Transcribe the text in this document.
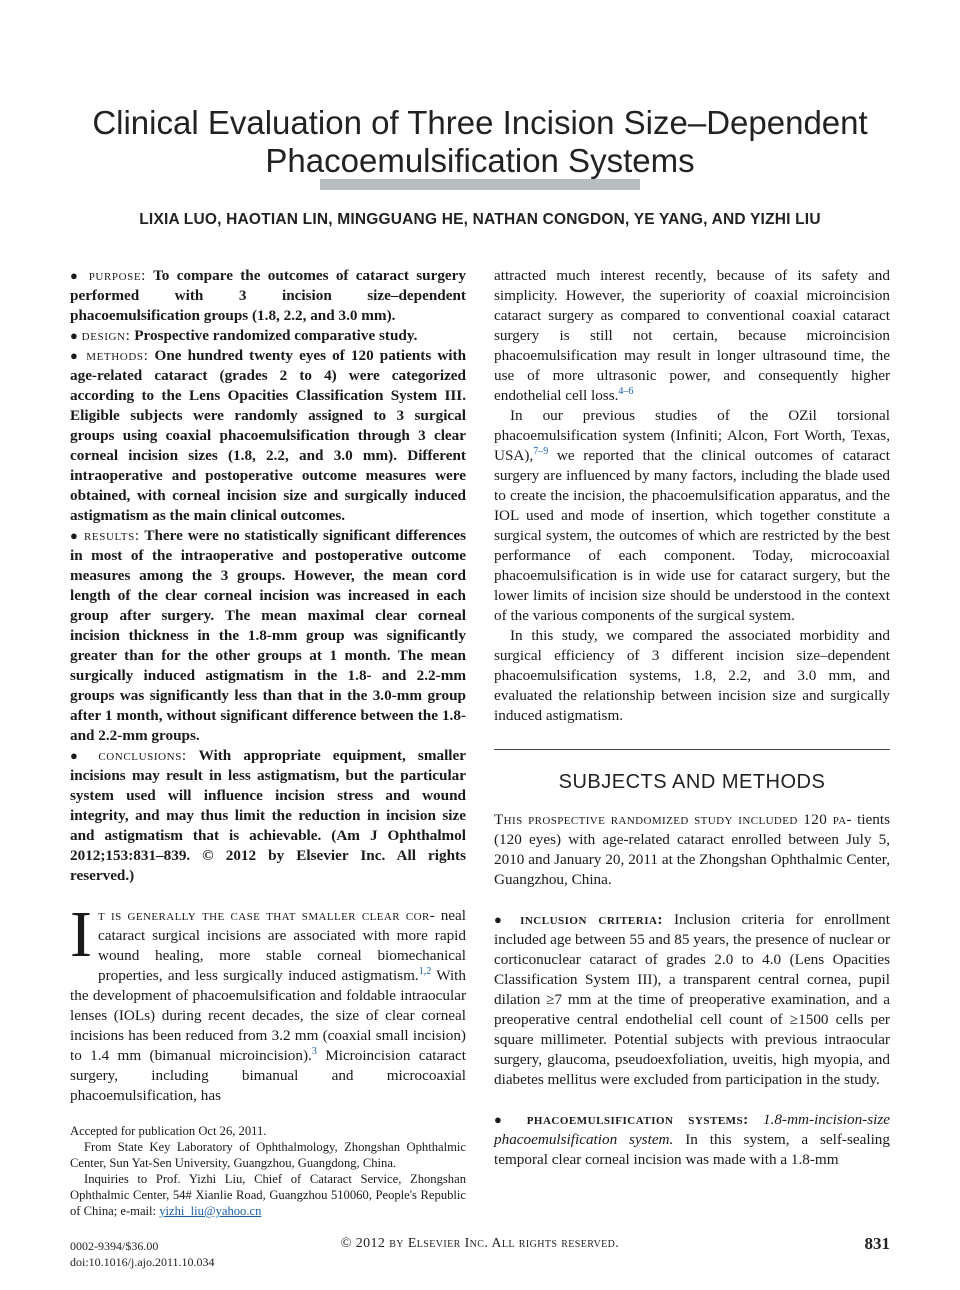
Clinical Evaluation of Three Incision Size–Dependent Phacoemulsification Systems
LIXIA LUO, HAOTIAN LIN, MINGGUANG HE, NATHAN CONGDON, YE YANG, AND YIZHI LIU

● purpose: To compare the outcomes of cataract surgery performed with 3 incision size–dependent phacoemulsification groups (1.8, 2.2, and 3.0 mm).

● design: Prospective randomized comparative study.

● methods: One hundred twenty eyes of 120 patients with age-related cataract (grades 2 to 4) were categorized according to the Lens Opacities Classification System III. Eligible subjects were randomly assigned to 3 surgical groups using coaxial phacoemulsification through 3 clear corneal incision sizes (1.8, 2.2, and 3.0 mm). Different intraoperative and postoperative outcome measures were obtained, with corneal incision size and surgically induced astigmatism as the main clinical outcomes.

● results: There were no statistically significant differences in most of the intraoperative and postoperative outcome measures among the 3 groups. However, the mean cord length of the clear corneal incision was increased in each group after surgery. The mean maximal clear corneal incision thickness in the 1.8-mm group was significantly greater than for the other groups at 1 month. The mean surgically induced astigmatism in the 1.8- and 2.2-mm groups was significantly less than that in the 3.0-mm group after 1 month, without significant difference between the 1.8- and 2.2-mm groups.

● conclusions: With appropriate equipment, smaller incisions may result in less astigmatism, but the particular system used will influence incision stress and wound integrity, and may thus limit the reduction in incision size and astigmatism that is achievable. (Am J Ophthalmol 2012;153:831–839. © 2012 by Elsevier Inc. All rights reserved.)

I t is generally the case that smaller clear cor- neal cataract surgical incisions are associated with more rapid wound healing, more stable corneal biomechanical properties, and less surgically induced astigmatism.$^{1,2}$ With the development of phacoemulsification and foldable intraocular lenses (IOLs) during recent decades, the size of clear corneal incisions has been reduced from 3.2 mm (coaxial small incision) to 1.4 mm (bimanual microincision).$^3$ Microincision cataract surgery, including bimanual and microcoaxial phacoemulsification, has

Accepted for publication Oct 26, 2011.

From State Key Laboratory of Ophthalmology, Zhongshan Ophthalmic Center, Sun Yat-Sen University, Guangzhou, Guangdong, China.

Inquiries to Prof. Yizhi Liu, Chief of Cataract Service, Zhongshan Ophthalmic Center, 54# Xianlie Road, Guangzhou 510060, People's Republic of China; e-mail: yizhi_liu@yahoo.cn

attracted much interest recently, because of its safety and simplicity. However, the superiority of coaxial microincision cataract surgery as compared to conventional coaxial cataract surgery is still not certain, because microincision phacoemulsification may result in longer ultrasound time, the use of more ultrasonic power, and consequently higher endothelial cell loss.$^{4-6}$

In our previous studies of the OZil torsional phacoemulsification system (Infiniti; Alcon, Fort Worth, Texas, USA),$^{7-9}$ we reported that the clinical outcomes of cataract surgery are influenced by many factors, including the blade used to create the incision, the phacoemulsification apparatus, and the IOL used and mode of insertion, which together constitute a surgical system, the outcomes of which are restricted by the best performance of each component. Today, microcoaxial phacoemulsification is in wide use for cataract surgery, but the lower limits of incision size should be understood in the context of the various components of the surgical system.

In this study, we compared the associated morbidity and surgical efficiency of 3 different incision size–dependent phacoemulsification systems, 1.8, 2.2, and 3.0 mm, and evaluated the relationship between incision size and surgically induced astigmatism.

SUBJECTS AND METHODS

This prospective randomized study included 120 pa- tients (120 eyes) with age-related cataract enrolled between July 5, 2010 and January 20, 2011 at the Zhongshan Ophthalmic Center, Guangzhou, China.

● inclusion criteria: Inclusion criteria for enrollment included age between 55 and 85 years, the presence of nuclear or corticonuclear cataract of grades 2.0 to 4.0 (Lens Opacities Classification System III), a transparent central cornea, pupil dilation ≥7 mm at the time of preoperative examination, and a preoperative central endothelial cell count of ≥1500 cells per square millimeter. Potential subjects with previous intraocular surgery, glaucoma, pseudoexfoliation, uveitis, high myopia, and diabetes mellitus were excluded from participation in the study.

● phacoemulsification systems: 1.8-mm-incision-size phacoemulsification system. In this system, a self-sealing temporal clear corneal incision was made with a 1.8-mm

0002-9394/$36.00
doi:10.1016/j.ajo.2011.10.034
© 2012 by Elsevier Inc. All rights reserved.	831
